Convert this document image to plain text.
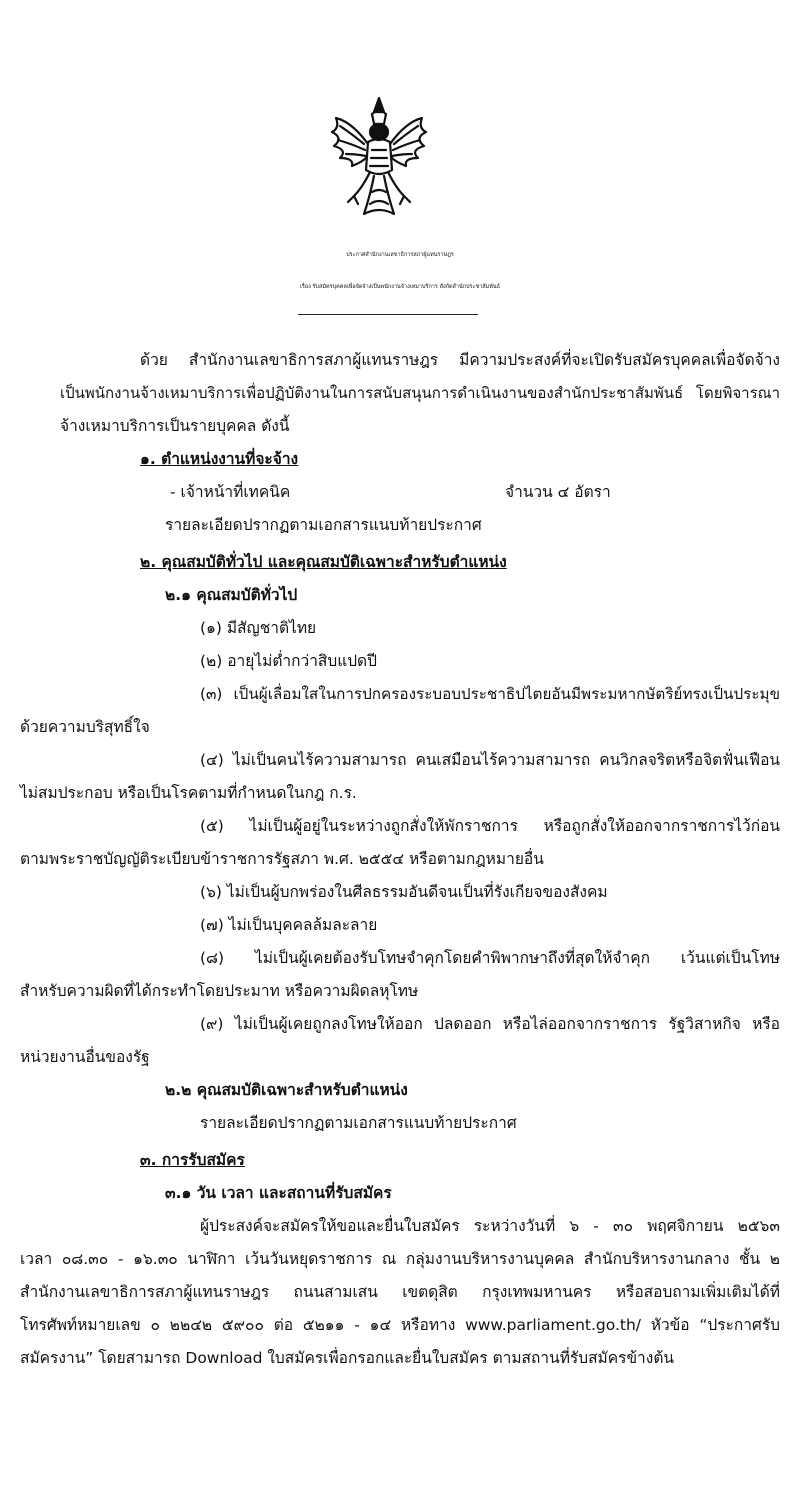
ประกาศสำนักงานเลขาธิการสภาผู้แทนราษฎร
เรื่อง รับสมัครบุคคลเพื่อจัดจ้างเป็นพนักงานจ้างเหมาบริการ สังกัดสำนักประชาสัมพันธ์
ด้วย สำนักงานเลขาธิการสภาผู้แทนราษฎร มีความประสงค์ที่จะเปิดรับสมัครบุคคลเพื่อจัดจ้าง
เป็นพนักงานจ้างเหมาบริการเพื่อปฏิบัติงานในการสนับสนุนการดำเนินงานของสำนักประชาสัมพันธ์ โดยพิจารณา
จ้างเหมาบริการเป็นรายบุคคล ดังนี้
๑. ตำแหน่งงานที่จะจ้าง
- เจ้าหน้าที่เทคนิค	จำนวน ๔ อัตรา
รายละเอียดปรากฏตามเอกสารแนบท้ายประกาศ
๒. คุณสมบัติทั่วไป และคุณสมบัติเฉพาะสำหรับตำแหน่ง
๒.๑ คุณสมบัติทั่วไป
(๑) มีสัญชาติไทย
(๒) อายุไม่ต่ำกว่าสิบแปดปี
(๓) เป็นผู้เลื่อมใสในการปกครองระบอบประชาธิปไตยอันมีพระมหากษัตริย์ทรงเป็นประมุข
ด้วยความบริสุทธิ์ใจ
(๔) ไม่เป็นคนไร้ความสามารถ คนเสมือนไร้ความสามารถ คนวิกลจริตหรือจิตฟั่นเฟือน
ไม่สมประกอบ หรือเป็นโรคตามที่กำหนดในกฎ ก.ร.
(๕) ไม่เป็นผู้อยู่ในระหว่างถูกสั่งให้พักราชการ หรือถูกสั่งให้ออกจากราชการไว้ก่อน
ตามพระราชบัญญัติระเบียบข้าราชการรัฐสภา พ.ศ. ๒๕๕๔ หรือตามกฎหมายอื่น
(๖) ไม่เป็นผู้บกพร่องในศีลธรรมอันดีจนเป็นที่รังเกียจของสังคม
(๗) ไม่เป็นบุคคลล้มละลาย
(๘) ไม่เป็นผู้เคยต้องรับโทษจำคุกโดยคำพิพากษาถึงที่สุดให้จำคุก เว้นแต่เป็นโทษ
สำหรับความผิดที่ได้กระทำโดยประมาท หรือความผิดลหุโทษ
(๙) ไม่เป็นผู้เคยถูกลงโทษให้ออก ปลดออก หรือไล่ออกจากราชการ รัฐวิสาหกิจ หรือ
หน่วยงานอื่นของรัฐ
๒.๒ คุณสมบัติเฉพาะสำหรับตำแหน่ง
รายละเอียดปรากฏตามเอกสารแนบท้ายประกาศ
๓. การรับสมัคร
๓.๑ วัน เวลา และสถานที่รับสมัคร
ผู้ประสงค์จะสมัครให้ขอและยื่นใบสมัคร ระหว่างวันที่ ๖ - ๓๐ พฤศจิกายน ๒๕๖๓
เวลา ๐๘.๓๐ - ๑๖.๓๐ นาฬิกา เว้นวันหยุดราชการ ณ กลุ่มงานบริหารงานบุคคล สำนักบริหารงานกลาง ชั้น ๒
สำนักงานเลขาธิการสภาผู้แทนราษฎร ถนนสามเสน เขตดุสิต กรุงเทพมหานคร หรือสอบถามเพิ่มเติมได้ที่
โทรศัพท์หมายเลข ๐ ๒๒๔๒ ๕๙๐๐ ต่อ ๕๒๑๑ - ๑๔ หรือทาง www.parliament.go.th/ หัวข้อ “ประกาศรับ
สมัครงาน” โดยสามารถ Download ใบสมัครเพื่อกรอกและยื่นใบสมัคร ตามสถานที่รับสมัครข้างต้น
